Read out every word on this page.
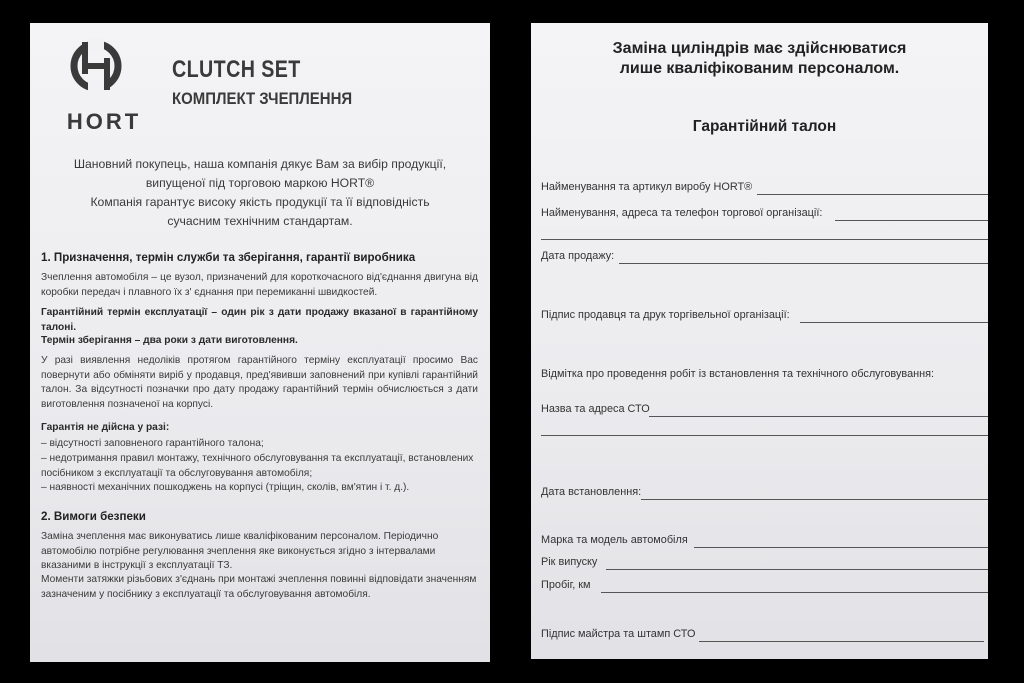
HORT
CLUTCH SET
КОМПЛЕКТ ЗЧЕПЛЕННЯ
Шановний покупець, наша компанія дякує Вам за вибір продукції,
випущеної під торговою маркою HORT®
Компанія гарантує високу якість продукції та її відповідність
сучасним технічним стандартам.
1. Призначення, термін служби та зберігання, гарантії виробника
Зчеплення автомобіля – це вузол, призначений для короткочасного від'єднання двигуна від коробки передач і плавного їх з' єднання при перемиканні швидкостей.
Гарантійний термін експлуатації – один рік з дати продажу вказаної в гарантійному талоні.
Термін зберігання – два роки з дати виготовлення.
У разі виявлення недоліків протягом гарантійного терміну експлуатації просимо Вас повернути або обміняти виріб у продавця, пред'явивши заповнений при купівлі гарантійний талон. За відсутності позначки про дату продажу гарантійний термін обчислюється з дати виготовлення позначеної на корпусі.
Гарантія не дійсна у разі:
– відсутності заповненого гарантійного талона;
– недотримання правил монтажу, технічного обслуговування та експлуатації, встановлених посібником з експлуатації та обслуговування автомобіля;
– наявності механічних пошкоджень на корпусі (тріщин, сколів, вм'ятин і т. д.).
2. Вимоги безпеки
Заміна зчеплення має виконуватись лише кваліфікованим персоналом. Періодично автомобілю потрібне регулювання зчеплення яке виконується згідно з інтервалами вказаними в інструкції з експлуатації ТЗ.
Моменти затяжки різьбових з'єднань при монтажі зчеплення повинні відповідати значенням зазначеним у посібнику з експлуатації та обслуговування автомобіля.
Заміна циліндрів має здійснюватися
лише кваліфікованим персоналом.
Гарантійний талон
Найменування та артикул виробу HORT®
Найменування, адреса та телефон торгової організації:
Дата продажу:
Підпис продавця та друк торгівельної організації:
Відмітка про проведення робіт із встановлення та технічного обслуговування:
Назва та адреса СТО
Дата встановлення:
Марка та модель автомобіля
Рік випуску
Пробіг, км
Підпис майстра та штамп СТО
